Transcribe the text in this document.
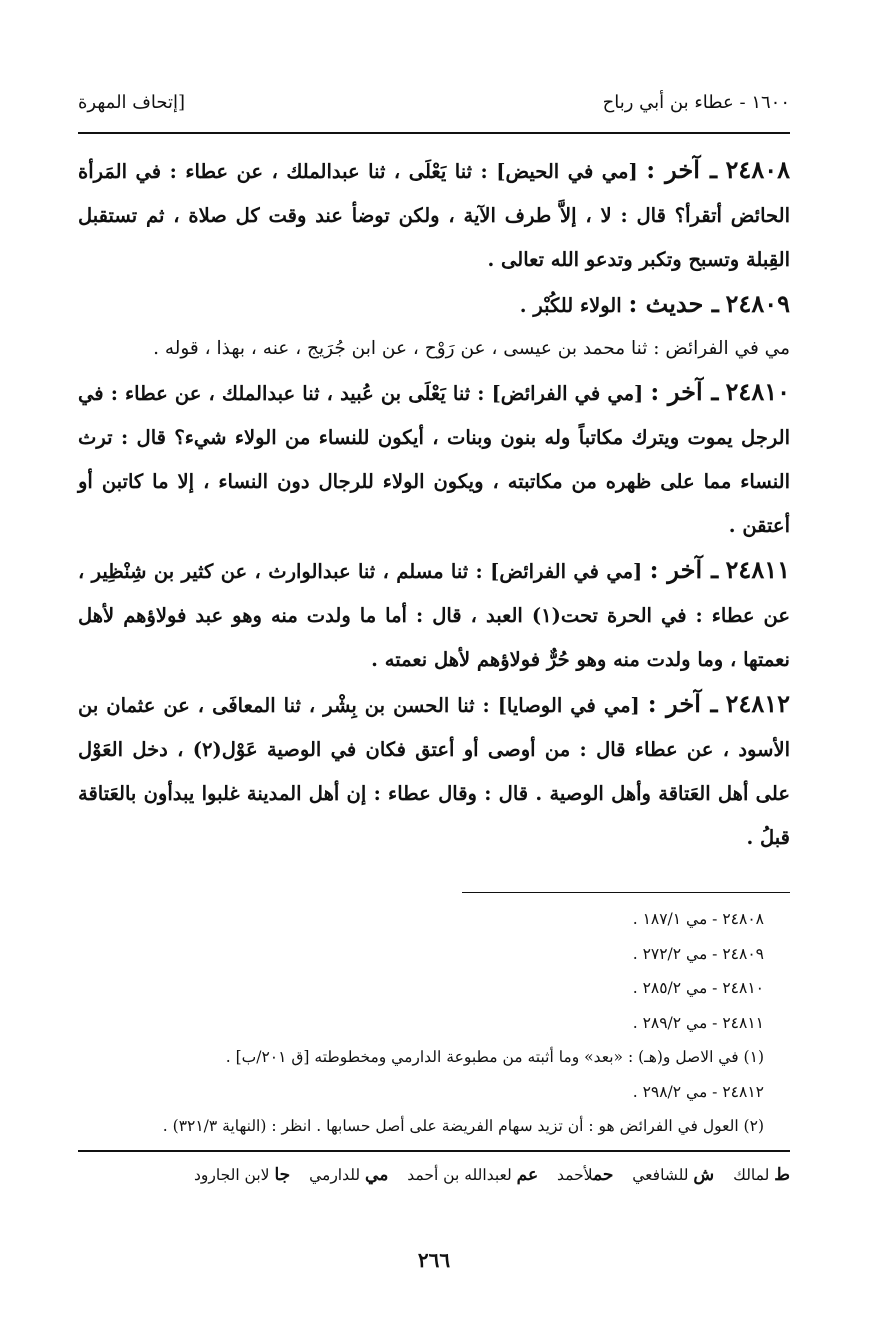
١٦٠٠ - عطاء بن أبي رباح
[إتحاف المهرة

٢٤٨٠٨ ـ آخر : [مي في الحيض] : ثنا يَعْلَى ، ثنا عبدالملك ، عن عطاء : في المَرأة الحائض أتقرأ؟ قال : لا ، إلاَّ طرف الآية ، ولكن توضأ عند وقت كل صلاة ، ثم تستقبل القِبلة وتسبح وتكبر وتدعو الله تعالى .

٢٤٨٠٩ ـ حديث : الولاء للكُبْر .

مي في الفرائض : ثنا محمد بن عيسى ، عن رَوْح ، عن ابن جُرَيج ، عنه ، بهذا ، قوله .

٢٤٨١٠ ـ آخر : [مي في الفرائض] : ثنا يَعْلَى بن عُبيد ، ثنا عبدالملك ، عن عطاء : في الرجل يموت ويترك مكاتباً وله بنون وبنات ، أيكون للنساء من الولاء شيء؟ قال : ترث النساء مما على ظهره من مكاتبته ، ويكون الولاء للرجال دون النساء ، إلا ما كاتبن أو أعتقن .

٢٤٨١١ ـ آخر : [مي في الفرائض] : ثنا مسلم ، ثنا عبدالوارث ، عن كثير بن شِنْظِير ، عن عطاء : في الحرة تحت(١) العبد ، قال : أما ما ولدت منه وهو عبد فولاؤهم لأهل نعمتها ، وما ولدت منه وهو حُرٌّ فولاؤهم لأهل نعمته .

٢٤٨١٢ ـ آخر : [مي في الوصايا] : ثنا الحسن بن بِشْر ، ثنا المعافَى ، عن عثمان بن الأسود ، عن عطاء قال : من أوصى أو أعتق فكان في الوصية عَوْل(٢) ، دخل العَوْل على أهل العَتاقة وأهل الوصية . قال : وقال عطاء : إن أهل المدينة غلبوا يبدأون بالعَتاقة قبلُ .

٢٤٨٠٨ - مي ١٨٧/١ .
٢٤٨٠٩ - مي ٢٧٢/٢ .
٢٤٨١٠ - مي ٢٨٥/٢ .
٢٤٨١١ - مي ٢٨٩/٢ .
(١) في الاصل و(هـ) : «بعد» وما أثبته من مطبوعة الدارمي ومخطوطته [ق ٢٠١/ب] .
٢٤٨١٢ - مي ٢٩٨/٢ .
(٢) العول في الفرائض هو : أن تزيد سهام الفريضة على أصل حسابها . انظر : (النهاية ٣٢١/٣) .
ط لمالك ش للشافعي حملأحمد عم لعبدالله بن أحمد مي للدارمي جا لابن الجارود
٢٦٦
